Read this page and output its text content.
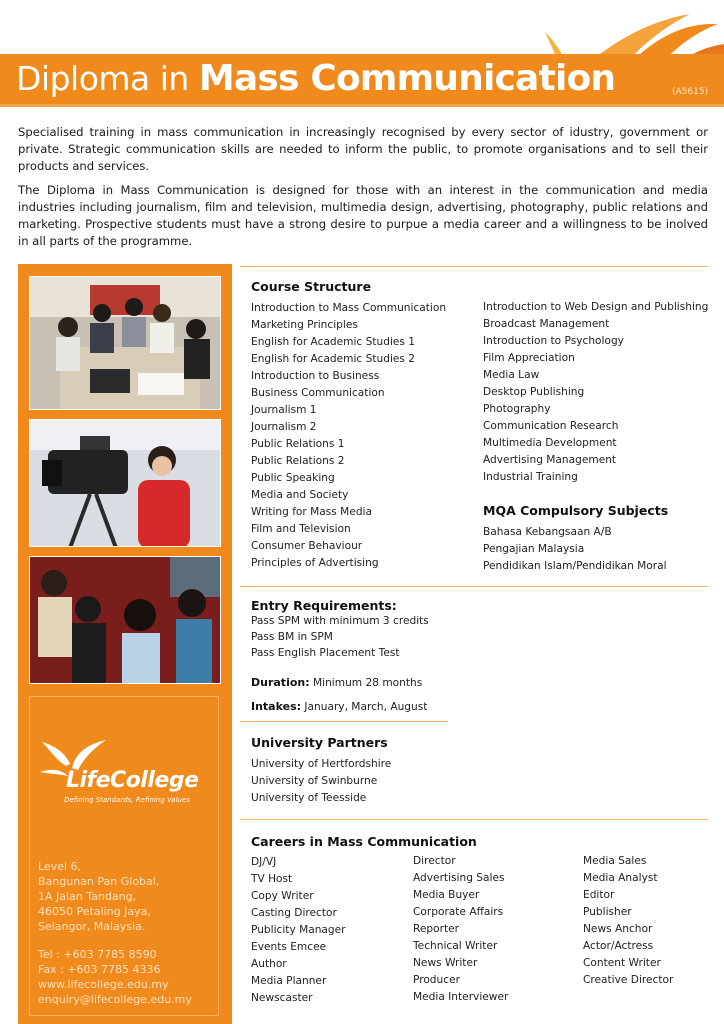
Diploma in Mass Communication	(A5615)

Specialised training in mass communication in increasingly recognised by every sector of idustry, government or private. Strategic communication skills are needed to inform the public, to promote organisations and to sell their products and services.

The Diploma in Mass Communication is designed for those with an interest in the communication and media industries including journalism, film and television, multimedia design, advertising, photography, public relations and marketing. Prospective students must have a strong desire to purpue a media career and a willingness to be inolved in all parts of the programme.

LifeCollege
Defining Standards, Refining Values
Level 6,
Bangunan Pan Global,
1A Jalan Tandang,
46050 Petaling Jaya,
Selangor, Malaysia.
Tel : +603 7785 8590
Fax : +603 7785 4336
www.lifecollege.edu.my
enquiry@lifecollege.edu.my
Course Structure
Introduction to Mass Communication
Marketing Principles
English for Academic Studies 1
English for Academic Studies 2
Introduction to Business
Business Communication
Journalism 1
Journalism 2
Public Relations 1
Public Relations 2
Public Speaking
Media and Society
Writing for Mass Media
Film and Television
Consumer Behaviour
Principles of Advertising
Introduction to Web Design and Publishing
Broadcast Management
Introduction to Psychology
Film Appreciation
Media Law
Desktop Publishing
Photography
Communication Research
Multimedia Development
Advertising Management
Industrial Training
MQA Compulsory Subjects
Bahasa Kebangsaan A/B
Pengajian Malaysia
Pendidikan Islam/Pendidikan Moral
Entry Requirements:
Pass SPM with minimum 3 credits
Pass BM in SPM
Pass English Placement Test
Duration: Minimum 28 months
Intakes: January, March, August
University Partners
University of Hertfordshire
University of Swinburne
University of Teesside
Careers in Mass Communication
DJ/VJ
TV Host
Copy Writer
Casting Director
Publicity Manager
Events Emcee
Author
Media Planner
Newscaster
Director
Advertising Sales
Media Buyer
Corporate Affairs
Reporter
Technical Writer
News Writer
Producer
Media Interviewer
Media Sales
Media Analyst
Editor
Publisher
News Anchor
Actor/Actress
Content Writer
Creative Director
